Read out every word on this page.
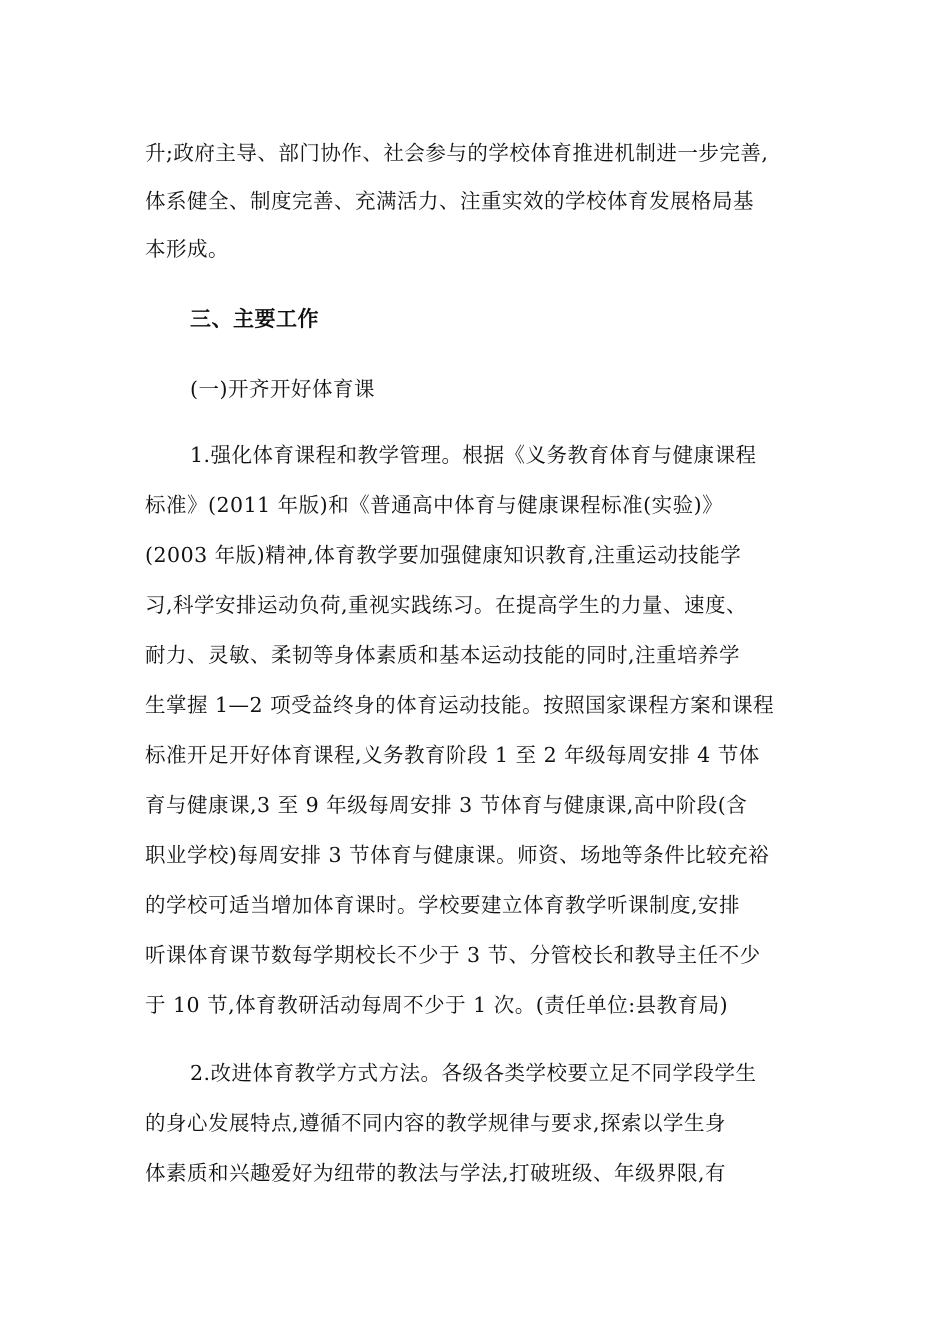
升;政府主导、部门协作、社会参与的学校体育推进机制进一步完善,
体系健全、制度完善、充满活力、注重实效的学校体育发展格局基
本形成。
三、主要工作
(一)开齐开好体育课
1.强化体育课程和教学管理。根据《义务教育体育与健康课程
标准》(2011 年版)和《普通高中体育与健康课程标准(实验)》
(2003 年版)精神,体育教学要加强健康知识教育,注重运动技能学
习,科学安排运动负荷,重视实践练习。在提高学生的力量、速度、
耐力、灵敏、柔韧等身体素质和基本运动技能的同时,注重培养学
生掌握 1—2 项受益终身的体育运动技能。按照国家课程方案和课程
标准开足开好体育课程,义务教育阶段 1 至 2 年级每周安排 4 节体
育与健康课,3 至 9 年级每周安排 3 节体育与健康课,高中阶段(含
职业学校)每周安排 3 节体育与健康课。师资、场地等条件比较充裕
的学校可适当增加体育课时。学校要建立体育教学听课制度,安排
听课体育课节数每学期校长不少于 3 节、分管校长和教导主任不少
于 10 节,体育教研活动每周不少于 1 次。(责任单位:县教育局)
2.改进体育教学方式方法。各级各类学校要立足不同学段学生
的身心发展特点,遵循不同内容的教学规律与要求,探索以学生身
体素质和兴趣爱好为纽带的教法与学法,打破班级、年级界限,有
